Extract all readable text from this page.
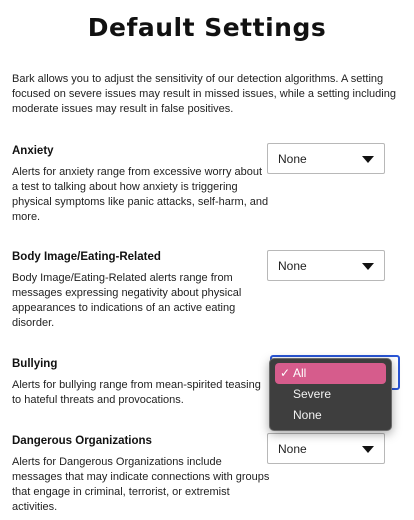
Default Settings

Bark allows you to adjust the sensitivity of our detection algorithms. A setting focused on severe issues may result in missed issues, while a setting including moderate issues may result in false positives.

Anxiety

Alerts for anxiety range from excessive worry about a test to talking about how anxiety is triggering physical symptoms like panic attacks, self-harm, and more.

None
Body Image/Eating-Related

Body Image/Eating-Related alerts range from messages expressing negativity about physical appearances to indications of an active eating disorder.

None
Bullying

Alerts for bullying range from mean-spirited teasing to hateful threats and provocations.

Dangerous Organizations

Alerts for Dangerous Organizations include messages that may indicate connections with groups that engage in criminal, terrorist, or extremist activities.

None
✓ All
Severe
None
